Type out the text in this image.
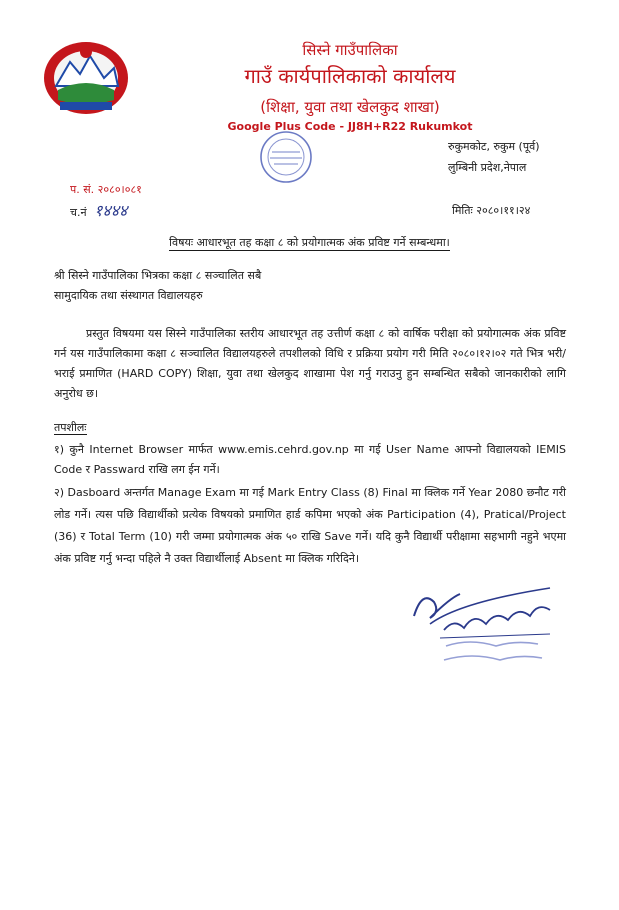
सिस्ने गाउँपालिका
गाउँ कार्यपालिकाको कार्यालय
(शिक्षा, युवा तथा खेलकुद शाखा)
Google Plus Code - JJ8H+R22 Rukumkot
रुकुमकोट, रुकुम (पूर्व)
लुम्बिनी प्रदेश,नेपाल
प. सं. २०८०।०८१
च.नं १४४४	मितिः २०८०।११।२४
विषयः आधारभूत तह कक्षा ८ को प्रयोगात्मक अंक प्रविष्ट गर्ने सम्बन्धमा।
श्री सिस्ने गाउँपालिका भित्रका कक्षा ८ सञ्चालित सबै
सामुदायिक तथा संस्थागत विद्यालयहरु
प्रस्तुत विषयमा यस सिस्ने गाउँपालिका स्तरीय आधारभूत तह उत्तीर्ण कक्षा ८ को वार्षिक परीक्षा को प्रयोगात्मक अंक प्रविष्ट गर्न यस गाउँपालिकामा कक्षा ८ सञ्चालित विद्यालयहरुले तपशीलको विधि र प्रक्रिया प्रयोग गरी मिति २०८०।१२।०२ गते भित्र भरी/ भराई प्रमाणित (HARD COPY) शिक्षा, युवा तथा खेलकुद शाखामा पेश गर्नु गराउनु हुन सम्बन्धित सबैको जानकारीको लागि अनुरोध छ।
तपशीलः
१) कुनै Internet Browser मार्फत www.emis.cehrd.gov.np मा गई User Name आफ्नो विद्यालयको IEMIS Code र Passward राखि लग ईन गर्ने।
२) Dasboard अन्तर्गत Manage Exam मा गई Mark Entry Class (8) Final मा क्लिक गर्ने Year 2080 छनौट गरी लोड गर्ने। त्यस पछि विद्यार्थीको प्रत्येक विषयको प्रमाणित हार्ड कपिमा भएको अंक Participation (4), Pratical/Project (36) र Total Term (10) गरी जम्मा प्रयोगात्मक अंक ५० राखि Save गर्ने। यदि कुनै विद्यार्थी परीक्षामा सहभागी नहुने भएमा अंक प्रविष्ट गर्नु भन्दा पहिले नै उक्त विद्यार्थीलाई Absent मा क्लिक गरिदिने।
